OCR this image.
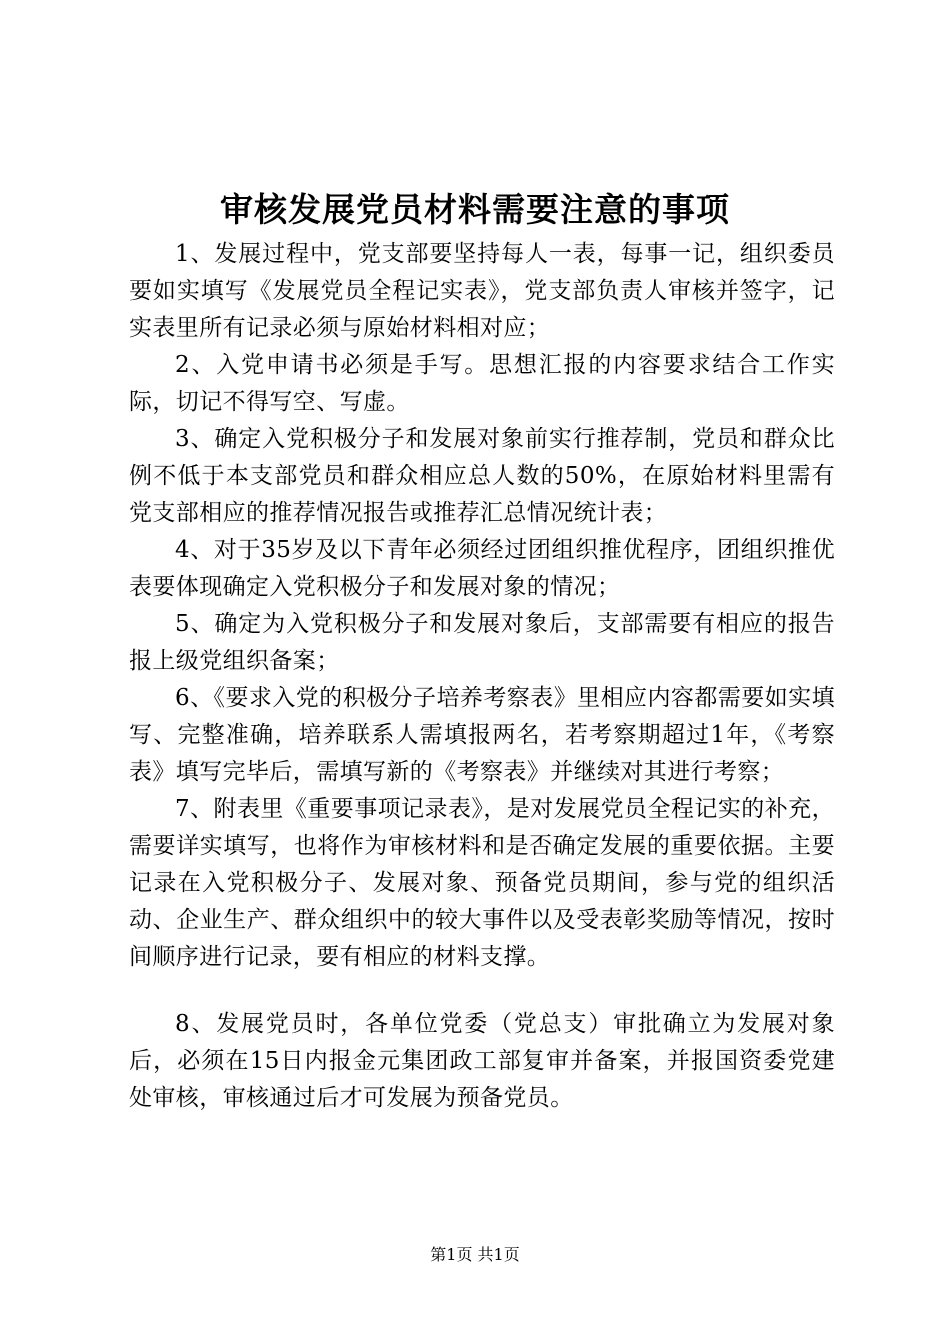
审核发展党员材料需要注意的事项

1、发展过程中，党支部要坚持每人一表，每事一记，组织委员要如实填写《发展党员全程记实表》，党支部负责人审核并签字，记实表里所有记录必须与原始材料相对应；

2、入党申请书必须是手写。思想汇报的内容要求结合工作实际，切记不得写空、写虚。

3、确定入党积极分子和发展对象前实行推荐制，党员和群众比例不低于本支部党员和群众相应总人数的50%，在原始材料里需有党支部相应的推荐情况报告或推荐汇总情况统计表；

4、对于35岁及以下青年必须经过团组织推优程序，团组织推优表要体现确定入党积极分子和发展对象的情况；

5、确定为入党积极分子和发展对象后，支部需要有相应的报告报上级党组织备案；

6、《要求入党的积极分子培养考察表》里相应内容都需要如实填写、完整准确，培养联系人需填报两名，若考察期超过1年，《考察表》填写完毕后，需填写新的《考察表》并继续对其进行考察；

7、附表里《重要事项记录表》，是对发展党员全程记实的补充，需要详实填写，也将作为审核材料和是否确定发展的重要依据。主要记录在入党积极分子、发展对象、预备党员期间，参与党的组织活动、企业生产、群众组织中的较大事件以及受表彰奖励等情况，按时间顺序进行记录，要有相应的材料支撑。

8、发展党员时，各单位党委（党总支）审批确立为发展对象后，必须在15日内报金元集团政工部复审并备案，并报国资委党建处审核，审核通过后才可发展为预备党员。

第1页 共1页
